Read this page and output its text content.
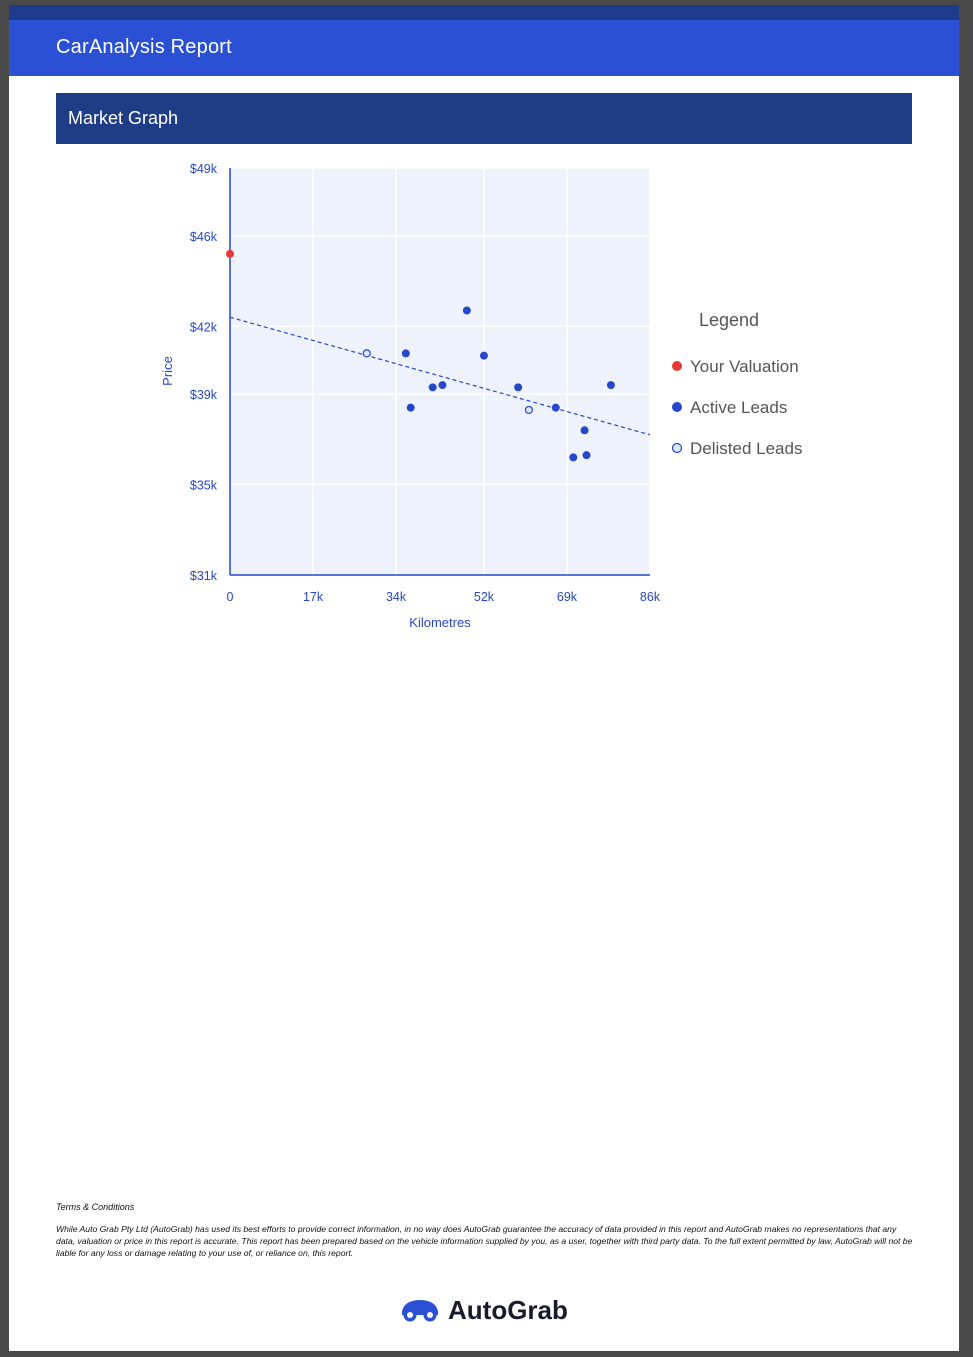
CarAnalysis Report
Market Graph
0	17k	34k	52k	69k	86k
$31k
$35k
$39k
$42k
$46k
$49k
Kilometres
Price
Legend
Your Valuation
Active Leads
Delisted Leads
Terms & Conditions
While Auto Grab Pty Ltd (AutoGrab) has used its best efforts to provide correct information, in no way does AutoGrab guarantee the accuracy of data provided in this report and AutoGrab makes no representations that any data, valuation or price in this report is accurate. This report has been prepared based on the vehicle information supplied by you, as a user, together with third party data. To the full extent permitted by law, AutoGrab will not be liable for any loss or damage relating to your use of, or reliance on, this report.
AutoGrab
